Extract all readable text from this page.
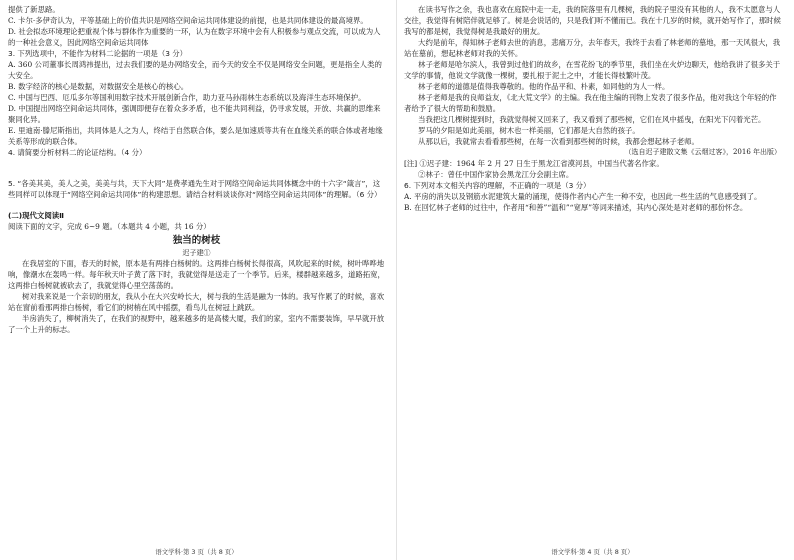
提供了新思路。

C. 卡尔·多伊奇认为，平等基础上的价值共识是网络空间命运共同体建设的前提，也是共同体建设的最高境界。

D. 社会拟态环境理论把重视个体与群体作为重要的一环，认为在数字环境中会有人积极参与观点交流，可以成为人的一种社会意义，因此网络空间命运共同体

3. 下列选项中，不能作为材料二论据的一项是（3 分）

A. 360 公司董事长周鸿祎提出，过去我们要的是办网络安全，而今天的安全不仅是网络安全问题，更是指全人类的大安全。

B. 数字经济的核心是数据，对数据安全是核心的核心。

C. 中国与巴西、厄瓜多尔等国利用数字技术开展创新合作，助力亚马孙雨林生态系统以及海洋生态环境保护。

D. 中国提出网络空间命运共同体，强调即便存在着众多矛盾，也不能共同利益，仍寻求发展，开放、共赢的思维来聚同化异。

E. 里迪南·滕尼斯指出，共同体是人之为人，终结于自然联合体，要么是加速质等共有在血缘关系的联合体或者地缘关系等形成的联合体。

4. 请简要分析材料二的论证结构。（4 分）

5. “各美其美，美人之美，美美与共，天下大同”是费孝通先生对于网络空间命运共同体概念中的十六字“箴言”，这些同样可以体现于“网络空间命运共同体”的构建思想。请结合材料谈谈你对“网络空间命运共同体”的理解。（6 分）

(二)现代文阅读Ⅱ

阅读下面的文字，完成 6~9 题。（本题共 4 小题，共 16 分）

独当的树枝

迟子建①

在我居室的下面，春天的时候，原本是有两排白杨树的。这两排白杨树长得很高，风吹起来的时候，树叶哗哗地响，像潮水在轰鸣一样。每年秋天叶子黄了落下时，我就觉得是送走了一个季节。后来，楼群越来越多，道路拓宽，这两排白杨树就被砍去了，我就觉得心里空荡荡的。

树对我来说是一个亲切的朋友，我从小在大兴安岭长大，树与我的生活是融为一体的。我写作累了的时候，喜欢站在窗前看那两排白杨树，看它们的树梢在风中摇摆，看鸟儿在树冠上跳跃。

半房消失了，柳树消失了，在我们的视野中，越来越多的是高楼大厦，我们的家，室内不需要装饰，早早就开放了一个上升的标志。

在读书写作之余，我也喜欢在庭院中走一走，我的院落里有几棵树，我的院子里没有其他的人，我不太愿意与人交往，我觉得有树陪伴就足够了。树是会说话的，只是我们听不懂而已。我在十几岁的时候，就开始写作了，那时候我写的都是树，我觉得树是我最好的朋友。

大约是前年，得知林子老师去世的消息，悲痛万分，去年春天，我终于去看了林老师的墓地，那一天风很大，我站在墓前，想起林老师对我的关怀。

林子老师是哈尔滨人，我曾到过他们的故乡，在雪花纷飞的季节里，我们坐在火炉边聊天，他给我讲了很多关于文学的事情，他说文学就像一棵树，要扎根于泥土之中，才能长得枝繁叶茂。

林子老师的道德是值得我尊敬的。他的作品平和、朴素，如同他的为人一样。

林子老师是我的良师益友，《北大荒文学》的主编。我在他主编的刊物上发表了很多作品，他对我这个年轻的作者给予了很大的帮助和鼓励。

当我把这几棵树提到时，我就觉得树又回来了，我又看到了那些树，它们在风中摇曳，在阳光下闪着光芒。

罗马的夕阳是如此美丽，树木也一样美丽，它们都是大自然的孩子。

从那以后，我就常去看看那些树，在每一次看到那些树的时候，我都会想起林子老师。

（选自迟子建散文集《云烟过客》，2016 年出版）

[注] ①迟子建：1964 年 2 月 27 日生于黑龙江省漠河县，中国当代著名作家。

②林子：曾任中国作家协会黑龙江分会副主席。

6. 下列对本文相关内容的理解，不正确的一项是（3 分）

A. 平房的消失以及钢筋水泥建筑大量的涌现，使得作者内心产生一种不安，也因此一些生活的气息感受到了。

B. 在回忆林子老师的过往中，作者用“和善”“温和”“宽厚”等词来描述，其内心深处是对老师的那份怀念。

语文学科·第 3 页（共 8 页）	语文学科·第 4 页（共 8 页）
